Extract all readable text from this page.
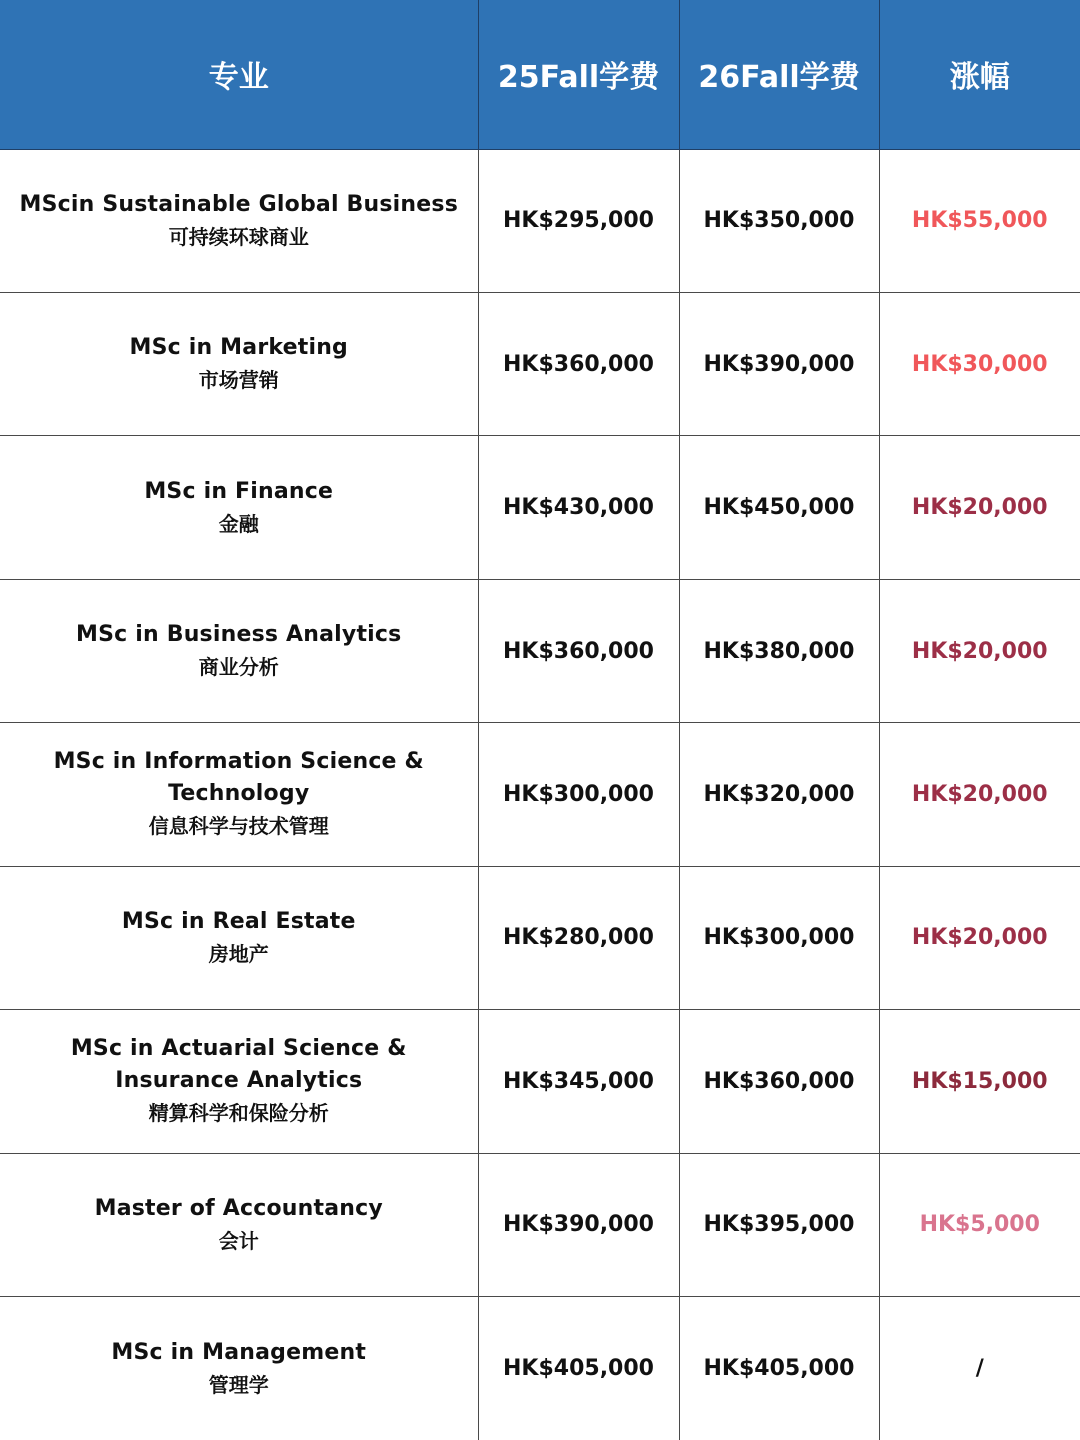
专业	25Fall学费	26Fall学费	涨幅

MScin Sustainable Global Business
可持续环球商业	HK$295,000	HK$350,000	HK$55,000

MSc in Marketing
市场营销	HK$360,000	HK$390,000	HK$30,000

MSc in Finance
金融	HK$430,000	HK$450,000	HK$20,000

MSc in Business Analytics
商业分析	HK$360,000	HK$380,000	HK$20,000

MSc in Information Science & Technology
信息科学与技术管理	HK$300,000	HK$320,000	HK$20,000

MSc in Real Estate
房地产	HK$280,000	HK$300,000	HK$20,000

MSc in Actuarial Science & Insurance Analytics
精算科学和保险分析	HK$345,000	HK$360,000	HK$15,000

Master of Accountancy
会计	HK$390,000	HK$395,000	HK$5,000

MSc in Management
管理学	HK$405,000	HK$405,000	/
